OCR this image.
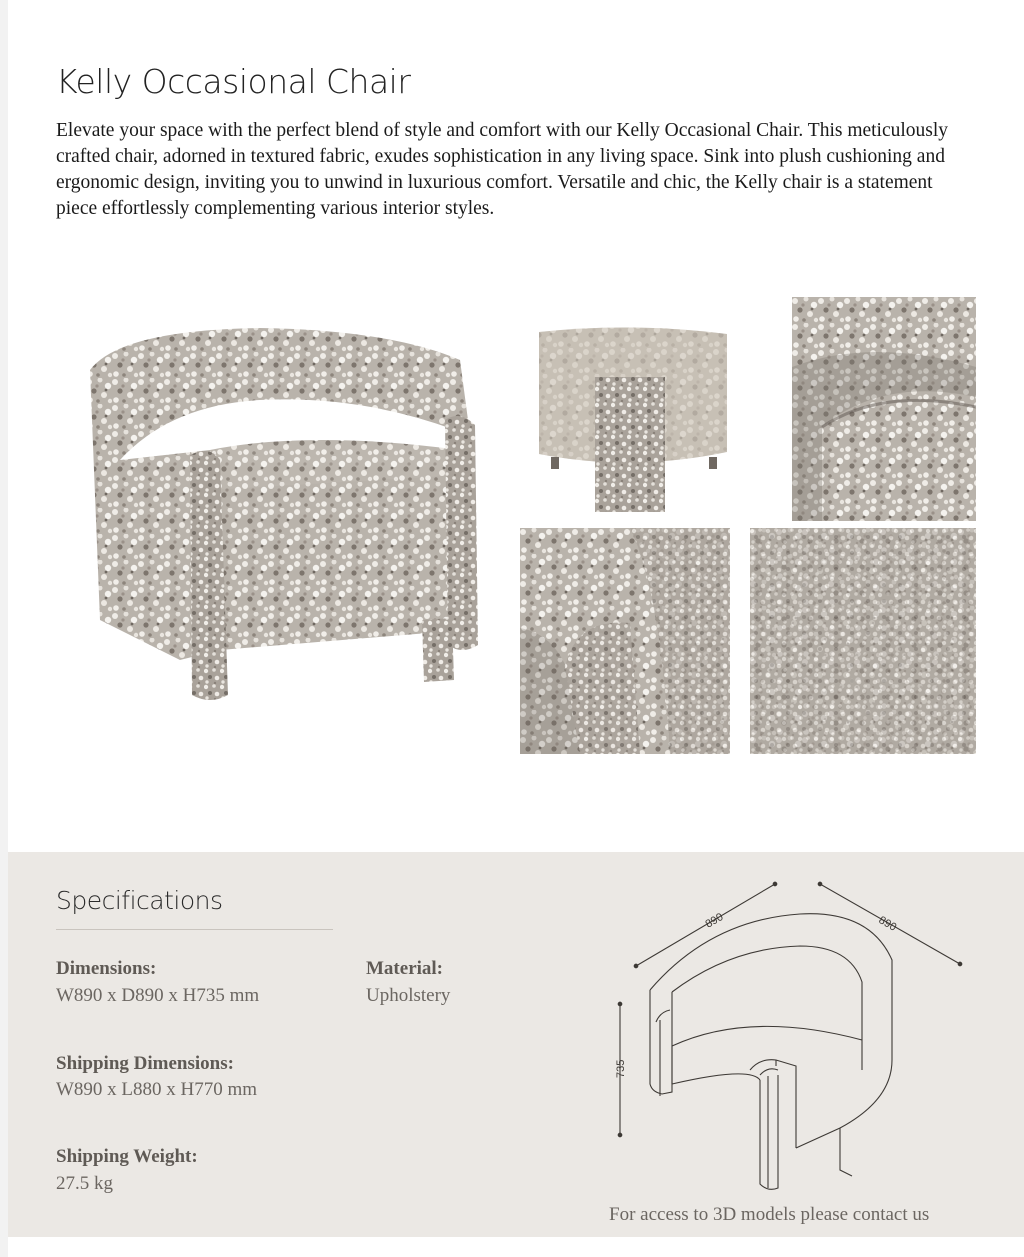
Kelly Occasional Chair
Elevate your space with the perfect blend of style and comfort with our Kelly Occasional Chair. This meticulously crafted chair, adorned in textured fabric, exudes sophistication in any living space. Sink into plush cushioning and ergonomic design, inviting you to unwind in luxurious comfort. Versatile and chic, the Kelly chair is a statement piece effortlessly complementing various interior styles.
Specifications
Dimensions:
W890 x D890 x H735 mm
Material:
Upholstery
Shipping Dimensions:
W890 x L880 x H770 mm
Shipping Weight:
27.5 kg
890	890
735
For access to 3D models please contact us
